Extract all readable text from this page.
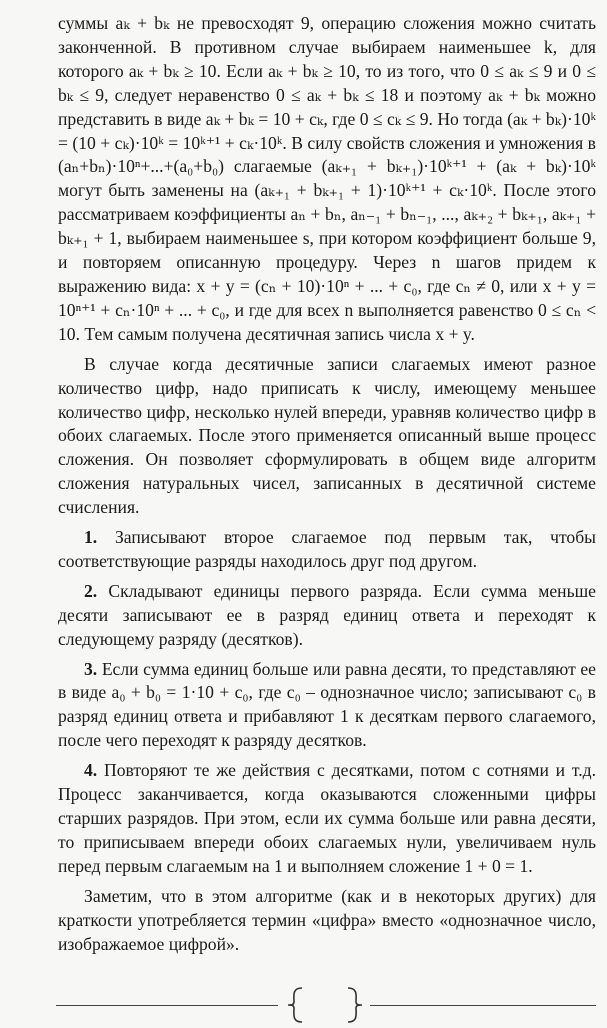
суммы aₖ + bₖ не превосходят 9, операцию сложения можно считать законченной. В противном случае выбираем наименьшее k, для которого aₖ + bₖ ≥ 10. Если aₖ + bₖ ≥ 10, то из того, что 0 ≤ aₖ ≤ 9 и 0 ≤ bₖ ≤ 9, следует неравенство 0 ≤ aₖ + bₖ ≤ 18 и поэтому aₖ + bₖ можно представить в виде aₖ + bₖ = 10 + cₖ, где 0 ≤ cₖ ≤ 9. Но тогда (aₖ + bₖ)·10ᵏ = (10 + cₖ)·10ᵏ = 10ᵏ⁺¹ + cₖ·10ᵏ. В силу свойств сложения и умножения в (aₙ+bₙ)·10ⁿ+...+(a₀+b₀) слагаемые (aₖ₊₁ + bₖ₊₁)·10ᵏ⁺¹ + (aₖ + bₖ)·10ᵏ могут быть заменены на (aₖ₊₁ + bₖ₊₁ + 1)·10ᵏ⁺¹ + cₖ·10ᵏ. После этого рассматриваем коэффициенты aₙ + bₙ, aₙ₋₁ + bₙ₋₁, ..., aₖ₊₂ + bₖ₊₁, aₖ₊₁ + bₖ₊₁ + 1, выбираем наименьшее s, при котором коэффициент больше 9, и повторяем описанную процедуру. Через n шагов придем к выражению вида: x + y = (cₙ + 10)·10ⁿ + ... + c₀, где cₙ ≠ 0, или x + y = 10ⁿ⁺¹ + cₙ·10ⁿ + ... + c₀, и где для всех n выполняется равенство 0 ≤ cₙ < 10. Тем самым получена десятичная запись числа x + y.

В случае когда десятичные записи слагаемых имеют разное количество цифр, надо приписать к числу, имеющему меньшее количество цифр, несколько нулей впереди, уравняв количество цифр в обоих слагаемых. После этого применяется описанный выше процесс сложения. Он позволяет сформулировать в общем виде алгоритм сложения натуральных чисел, записанных в десятичной системе счисления.

1. Записывают второе слагаемое под первым так, чтобы соответствующие разряды находилось друг под другом.

2. Складывают единицы первого разряда. Если сумма меньше десяти записывают ее в разряд единиц ответа и переходят к следующему разряду (десятков).

3. Если сумма единиц больше или равна десяти, то представляют ее в виде a₀ + b₀ = 1·10 + c₀, где c₀ – однозначное число; записывают c₀ в разряд единиц ответа и прибавляют 1 к десяткам первого слагаемого, после чего переходят к разряду десятков.

4. Повторяют те же действия с десятками, потом с сотнями и т.д. Процесс заканчивается, когда оказываются сложенными цифры старших разрядов. При этом, если их сумма больше или равна десяти, то приписываем впереди обоих слагаемых нули, увеличиваем нуль перед первым слагаемым на 1 и выполняем сложение 1 + 0 = 1.

Заметим, что в этом алгоритме (как и в некоторых других) для краткости употребляется термин «цифра» вместо «однозначное число, изображаемое цифрой».
